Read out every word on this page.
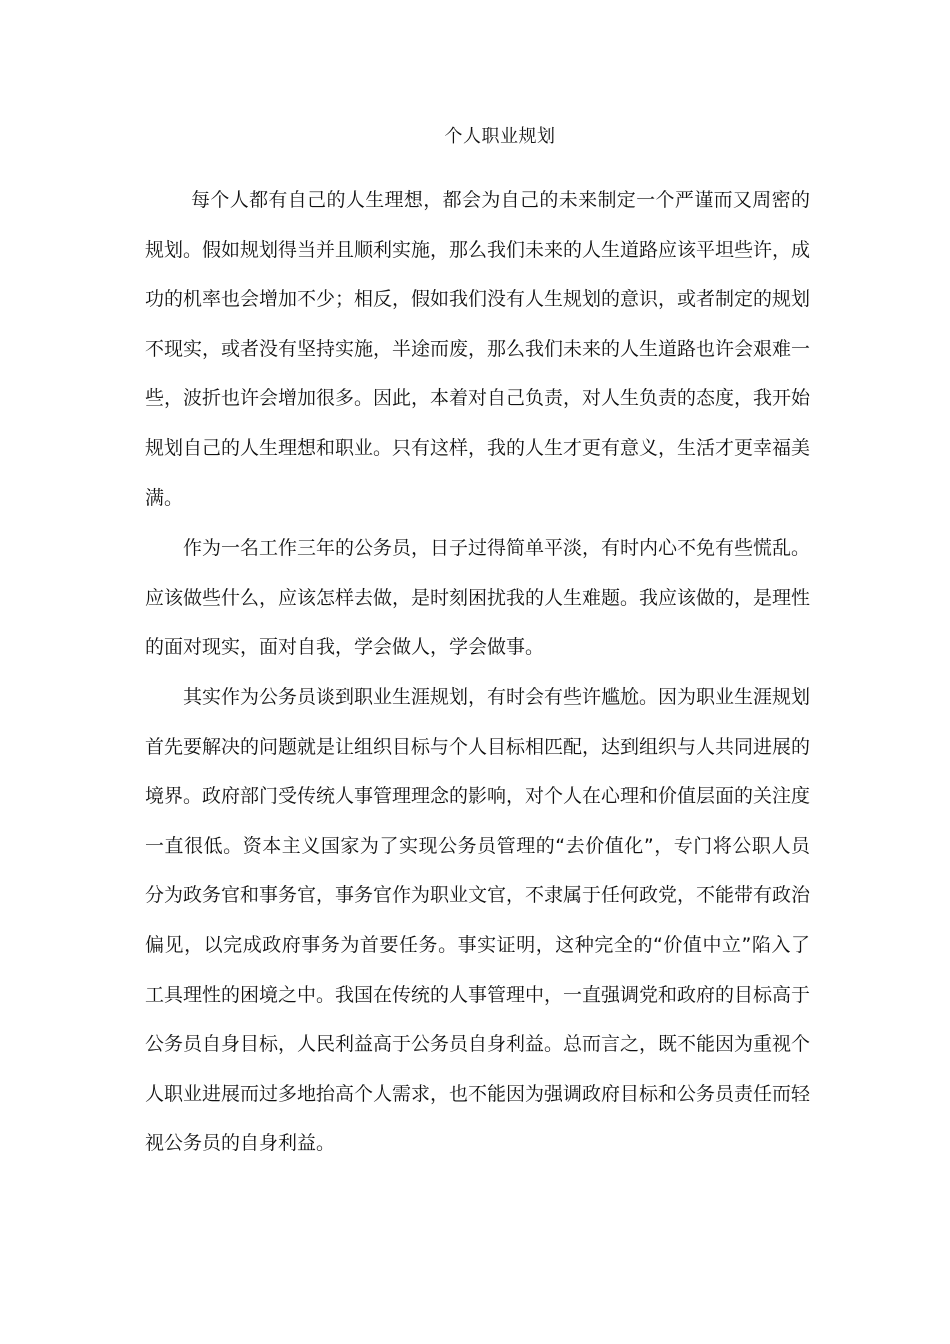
个人职业规划

每个人都有自己的人生理想，都会为自己的未来制定一个严谨而又周密的规划。假如规划得当并且顺利实施，那么我们未来的人生道路应该平坦些许，成功的机率也会增加不少；相反，假如我们没有人生规划的意识，或者制定的规划不现实，或者没有坚持实施，半途而废，那么我们未来的人生道路也许会艰难一些，波折也许会增加很多。因此，本着对自己负责，对人生负责的态度，我开始规划自己的人生理想和职业。只有这样，我的人生才更有意义，生活才更幸福美满。

作为一名工作三年的公务员，日子过得简单平淡，有时内心不免有些慌乱。应该做些什么，应该怎样去做，是时刻困扰我的人生难题。我应该做的，是理性的面对现实，面对自我，学会做人，学会做事。

其实作为公务员谈到职业生涯规划，有时会有些许尴尬。因为职业生涯规划首先要解决的问题就是让组织目标与个人目标相匹配，达到组织与人共同进展的境界。政府部门受传统人事管理理念的影响，对个人在心理和价值层面的关注度一直很低。资本主义国家为了实现公务员管理的“去价值化”，专门将公职人员分为政务官和事务官，事务官作为职业文官，不隶属于任何政党，不能带有政治偏见，以完成政府事务为首要任务。事实证明，这种完全的“价值中立”陷入了工具理性的困境之中。我国在传统的人事管理中，一直强调党和政府的目标高于公务员自身目标，人民利益高于公务员自身利益。总而言之，既不能因为重视个人职业进展而过多地抬高个人需求，也不能因为强调政府目标和公务员责任而轻视公务员的自身利益。
